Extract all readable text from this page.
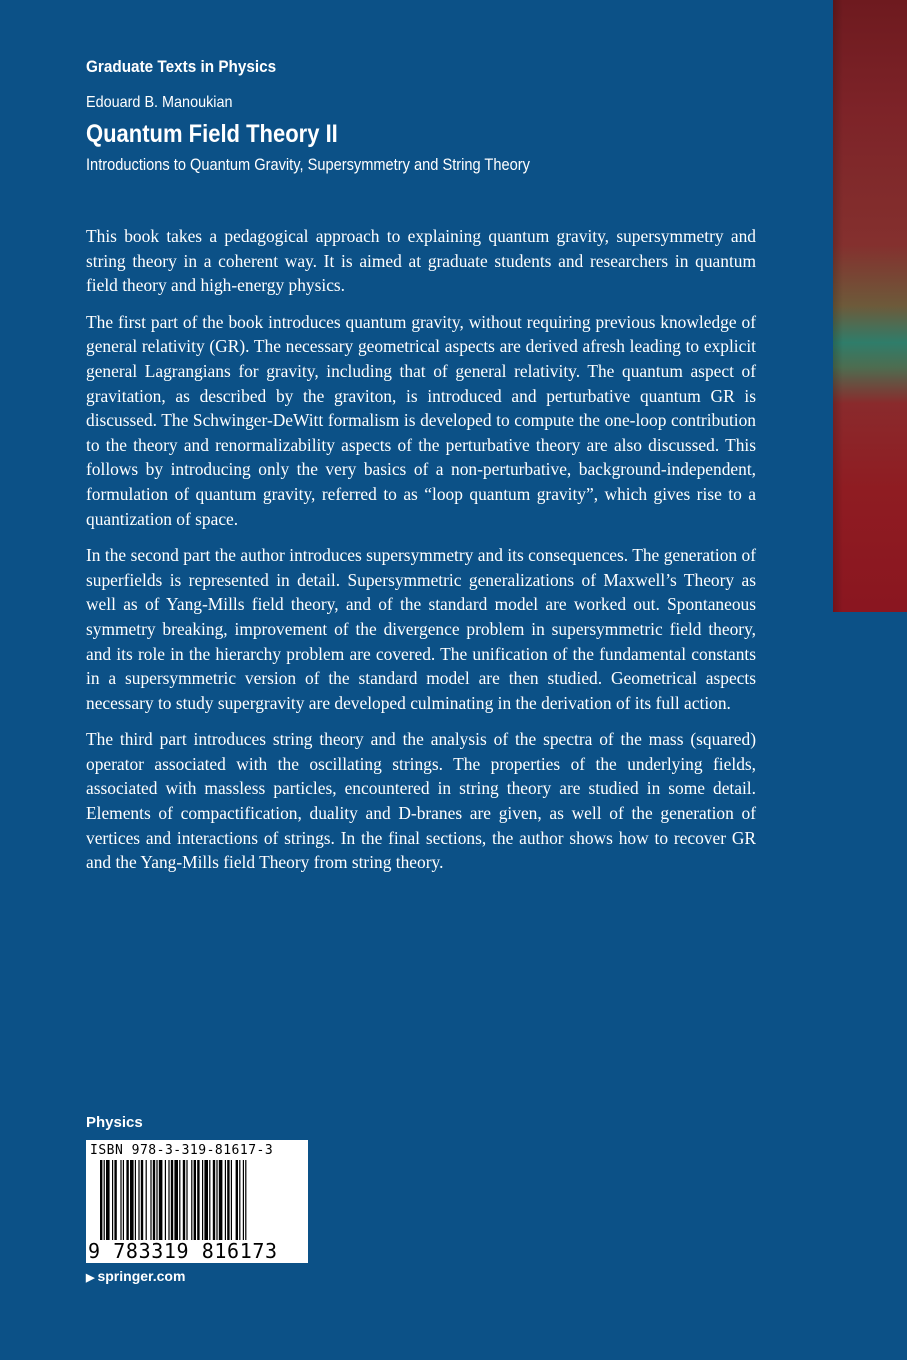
Graduate Texts in Physics
Edouard B. Manoukian
Quantum Field Theory II
Introductions to Quantum Gravity, Supersymmetry and String Theory

This book takes a pedagogical approach to explaining quantum gravity, supersymmetry and string theory in a coherent way. It is aimed at graduate students and researchers in quantum field theory and high-energy physics.

The first part of the book introduces quantum gravity, without requiring previous knowledge of general relativity (GR). The necessary geometrical aspects are derived afresh leading to explicit general Lagrangians for gravity, including that of general relativity. The quantum aspect of gravitation, as described by the graviton, is introduced and perturbative quantum GR is discussed. The Schwinger-DeWitt formalism is developed to compute the one-loop contribution to the theory and renormalizability aspects of the perturbative theory are also discussed. This follows by introducing only the very basics of a non-perturbative, background-independent, formulation of quantum gravity, referred to as “loop quantum gravity”, which gives rise to a quantization of space.

In the second part the author introduces supersymmetry and its consequences. The generation of superfields is represented in detail. Supersymmetric generalizations of Maxwell’s Theory as well as of Yang-Mills field theory, and of the standard model are worked out. Spontaneous symmetry breaking, improvement of the divergence problem in supersymmetric field theory, and its role in the hierarchy problem are covered. The unification of the fundamental constants in a supersymmetric version of the standard model are then studied. Geometrical aspects necessary to study supergravity are developed culminating in the derivation of its full action.

The third part introduces string theory and the analysis of the spectra of the mass (squared) operator associated with the oscillating strings. The properties of the underlying fields, associated with massless particles, encountered in string theory are studied in some detail. Elements of compactification, duality and D-branes are given, as well of the generation of vertices and interactions of strings. In the final sections, the author shows how to recover GR and the Yang-Mills field Theory from string theory.

Physics
ISBN 978-3-319-81617-3
9 783319 816173
▶ springer.com
